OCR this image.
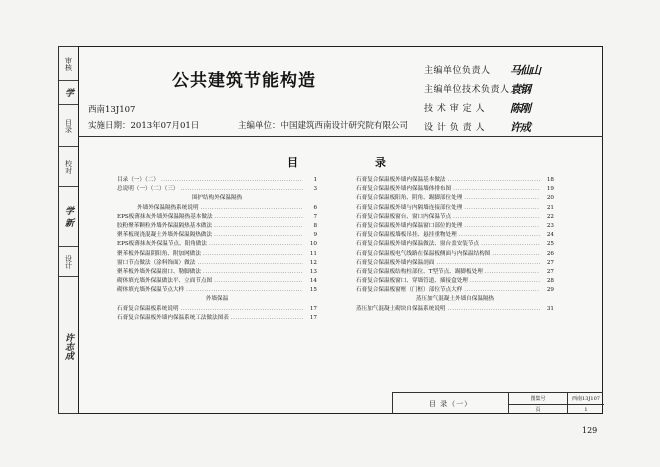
审核
学
目录
校对
学 新
设计
许志成
公共建筑节能构造
西南13J107
实施日期：2013年07月01日	主编单位：中国建筑西南设计研究院有限公司
主编单位负责人	马仙山
主编单位技术负责人 袁钢
技 术 审 定 人	陈刚
设 计 负 责 人	许成
目	录
目录（一）（二） .....	1
总说明（一）（二）（三） .....	3
围护结构外保温隔热
外墙外保温隔热系统说明 .....	6
EPS板薄抹灰外墙外保温隔热基本做法 .....	7
胶粉聚苯颗粒外墙外保温隔热基本做法 .....	8
聚苯板现浇混凝土外墙外保温隔热做法 .....	9
EPS板薄抹灰外保温节点、阳角做法 .....	10
聚苯板外保温阴阳角、附加网做法 .....	11
窗口节点做法（涂料饰面）做法 .....	12
聚苯板外墙外保温窗口、勒脚做法 .....	13
砌体填充墙外保温做法平、立面节点图 .....	14
砌体填充墙外保温节点大样 .....	15
外墙保温
石膏复合保温板系统说明 .....	17
石膏复合保温板外墙内保温系统工法做法图表 .....	17
石膏复合保温板外墙内保温基本做法 .....	18
石膏复合保温板外墙内保温墙体排布图 .....	19
石膏复合保温板阳角、阴角、踢脚部位处理 .....	20
石膏复合保温板外墙与内隔墙连接部位处理 .....	21
石膏复合保温板窗台、窗口内保温节点 .....	22
石膏复合保温板外墙内保温窗口部位的处理 .....	23
石膏复合保温板墙板吊挂、悬挂重物处理 .....	24
石膏复合保温板外墙内保温做法、窗台盖安装节点 .....	25
石膏复合保温板电气线路在保温板侧面与内保温结构图 .....	26
石膏复合保温板外墙内保温剖面 .....	27
石膏复合保温板结构柱部位、T型节点、踢脚板处理 .....	27
石膏复合保温板窗口、穿墙管道、插接盒处理 .....	28
石膏复合保温板窗框（门框）部位节点大样 .....	29
蒸压加气混凝土外墙自保温隔热
蒸压加气混凝土砌块自保温系统说明 .....	31
目 录（一）
图集号	西南13J107
页	1
129
